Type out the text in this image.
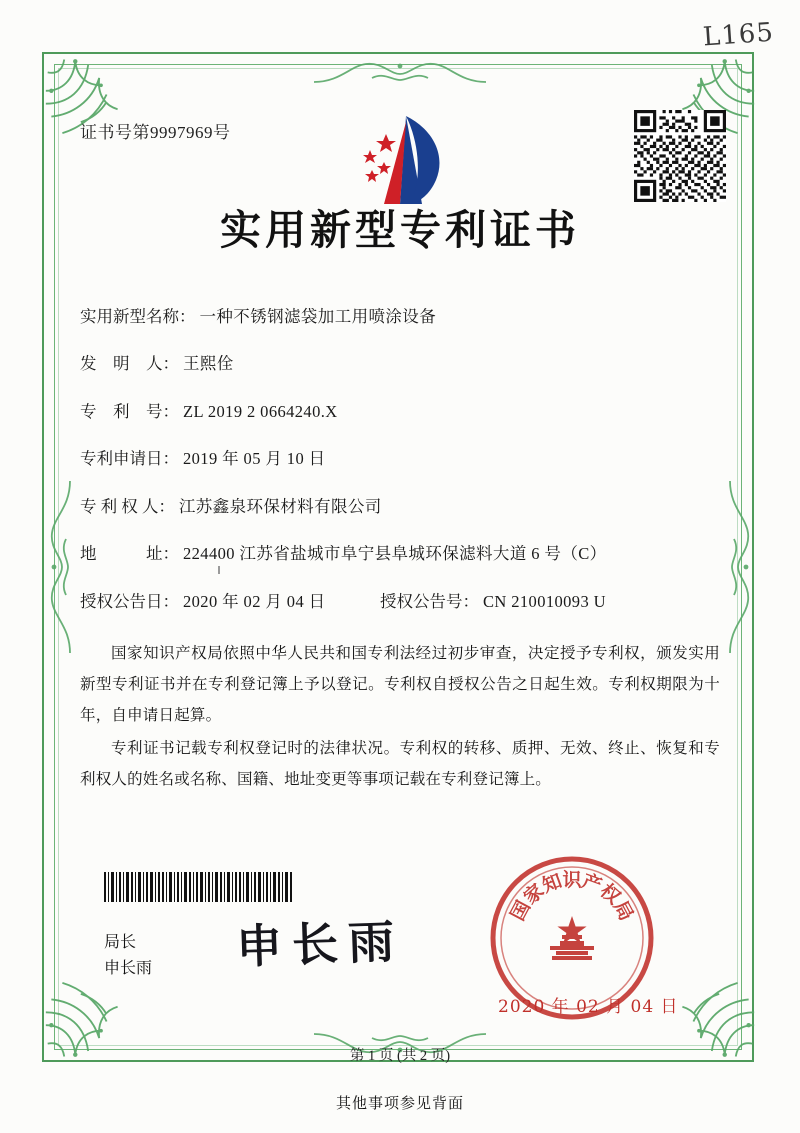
L165
证书号第9997969号
实用新型专利证书
实用新型名称： 一种不锈钢滤袋加工用喷涂设备
发　明　人： 王熙佺
专　利　号： ZL 2019 2 0664240.X
专利申请日： 2019 年 05 月 10 日
专 利 权 人： 江苏鑫泉环保材料有限公司
地　　　址： 224400 江苏省盐城市阜宁县阜城环保滤料大道 6 号（C）
授权公告日： 2020 年 02 月 04 日	授权公告号： CN 210010093 U

国家知识产权局依照中华人民共和国专利法经过初步审查，决定授予专利权，颁发实用新型专利证书并在专利登记簿上予以登记。专利权自授权公告之日起生效。专利权期限为十年，自申请日起算。

专利证书记载专利权登记时的法律状况。专利权的转移、质押、无效、终止、恢复和专利权人的姓名或名称、国籍、地址变更等事项记载在专利登记簿上。

局长
申长雨 申长雨
国
家
知
识
产
权
局
2020 年 02 月 04 日
第 1 页 (共 2 页)
其他事项参见背面
